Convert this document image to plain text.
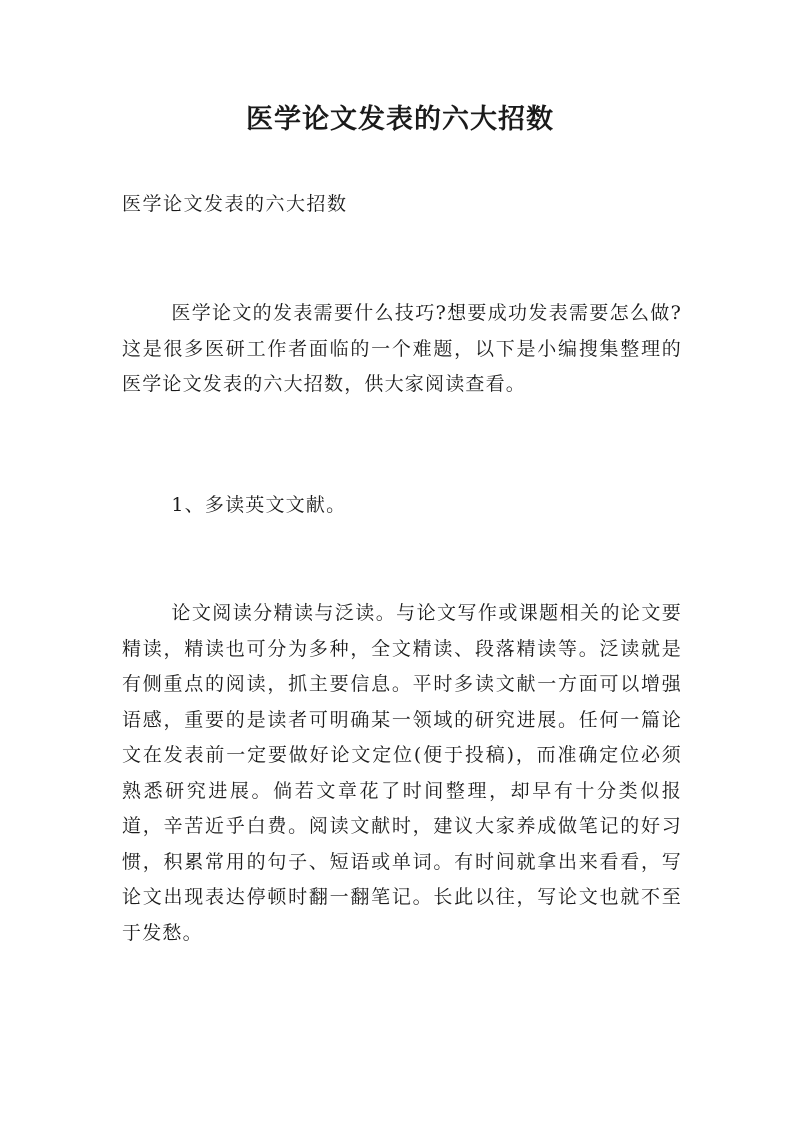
医学论文发表的六大招数

医学论文发表的六大招数

医学论文的发表需要什么技巧?想要成功发表需要怎么做?这是很多医研工作者面临的一个难题，以下是小编搜集整理的医学论文发表的六大招数，供大家阅读查看。

1、多读英文文献。

论文阅读分精读与泛读。与论文写作或课题相关的论文要精读，精读也可分为多种，全文精读、段落精读等。泛读就是有侧重点的阅读，抓主要信息。平时多读文献一方面可以增强语感，重要的是读者可明确某一领域的研究进展。任何一篇论文在发表前一定要做好论文定位(便于投稿)，而准确定位必须熟悉研究进展。倘若文章花了时间整理，却早有十分类似报道，辛苦近乎白费。阅读文献时，建议大家养成做笔记的好习惯，积累常用的句子、短语或单词。有时间就拿出来看看，写论文出现表达停顿时翻一翻笔记。长此以往，写论文也就不至于发愁。
